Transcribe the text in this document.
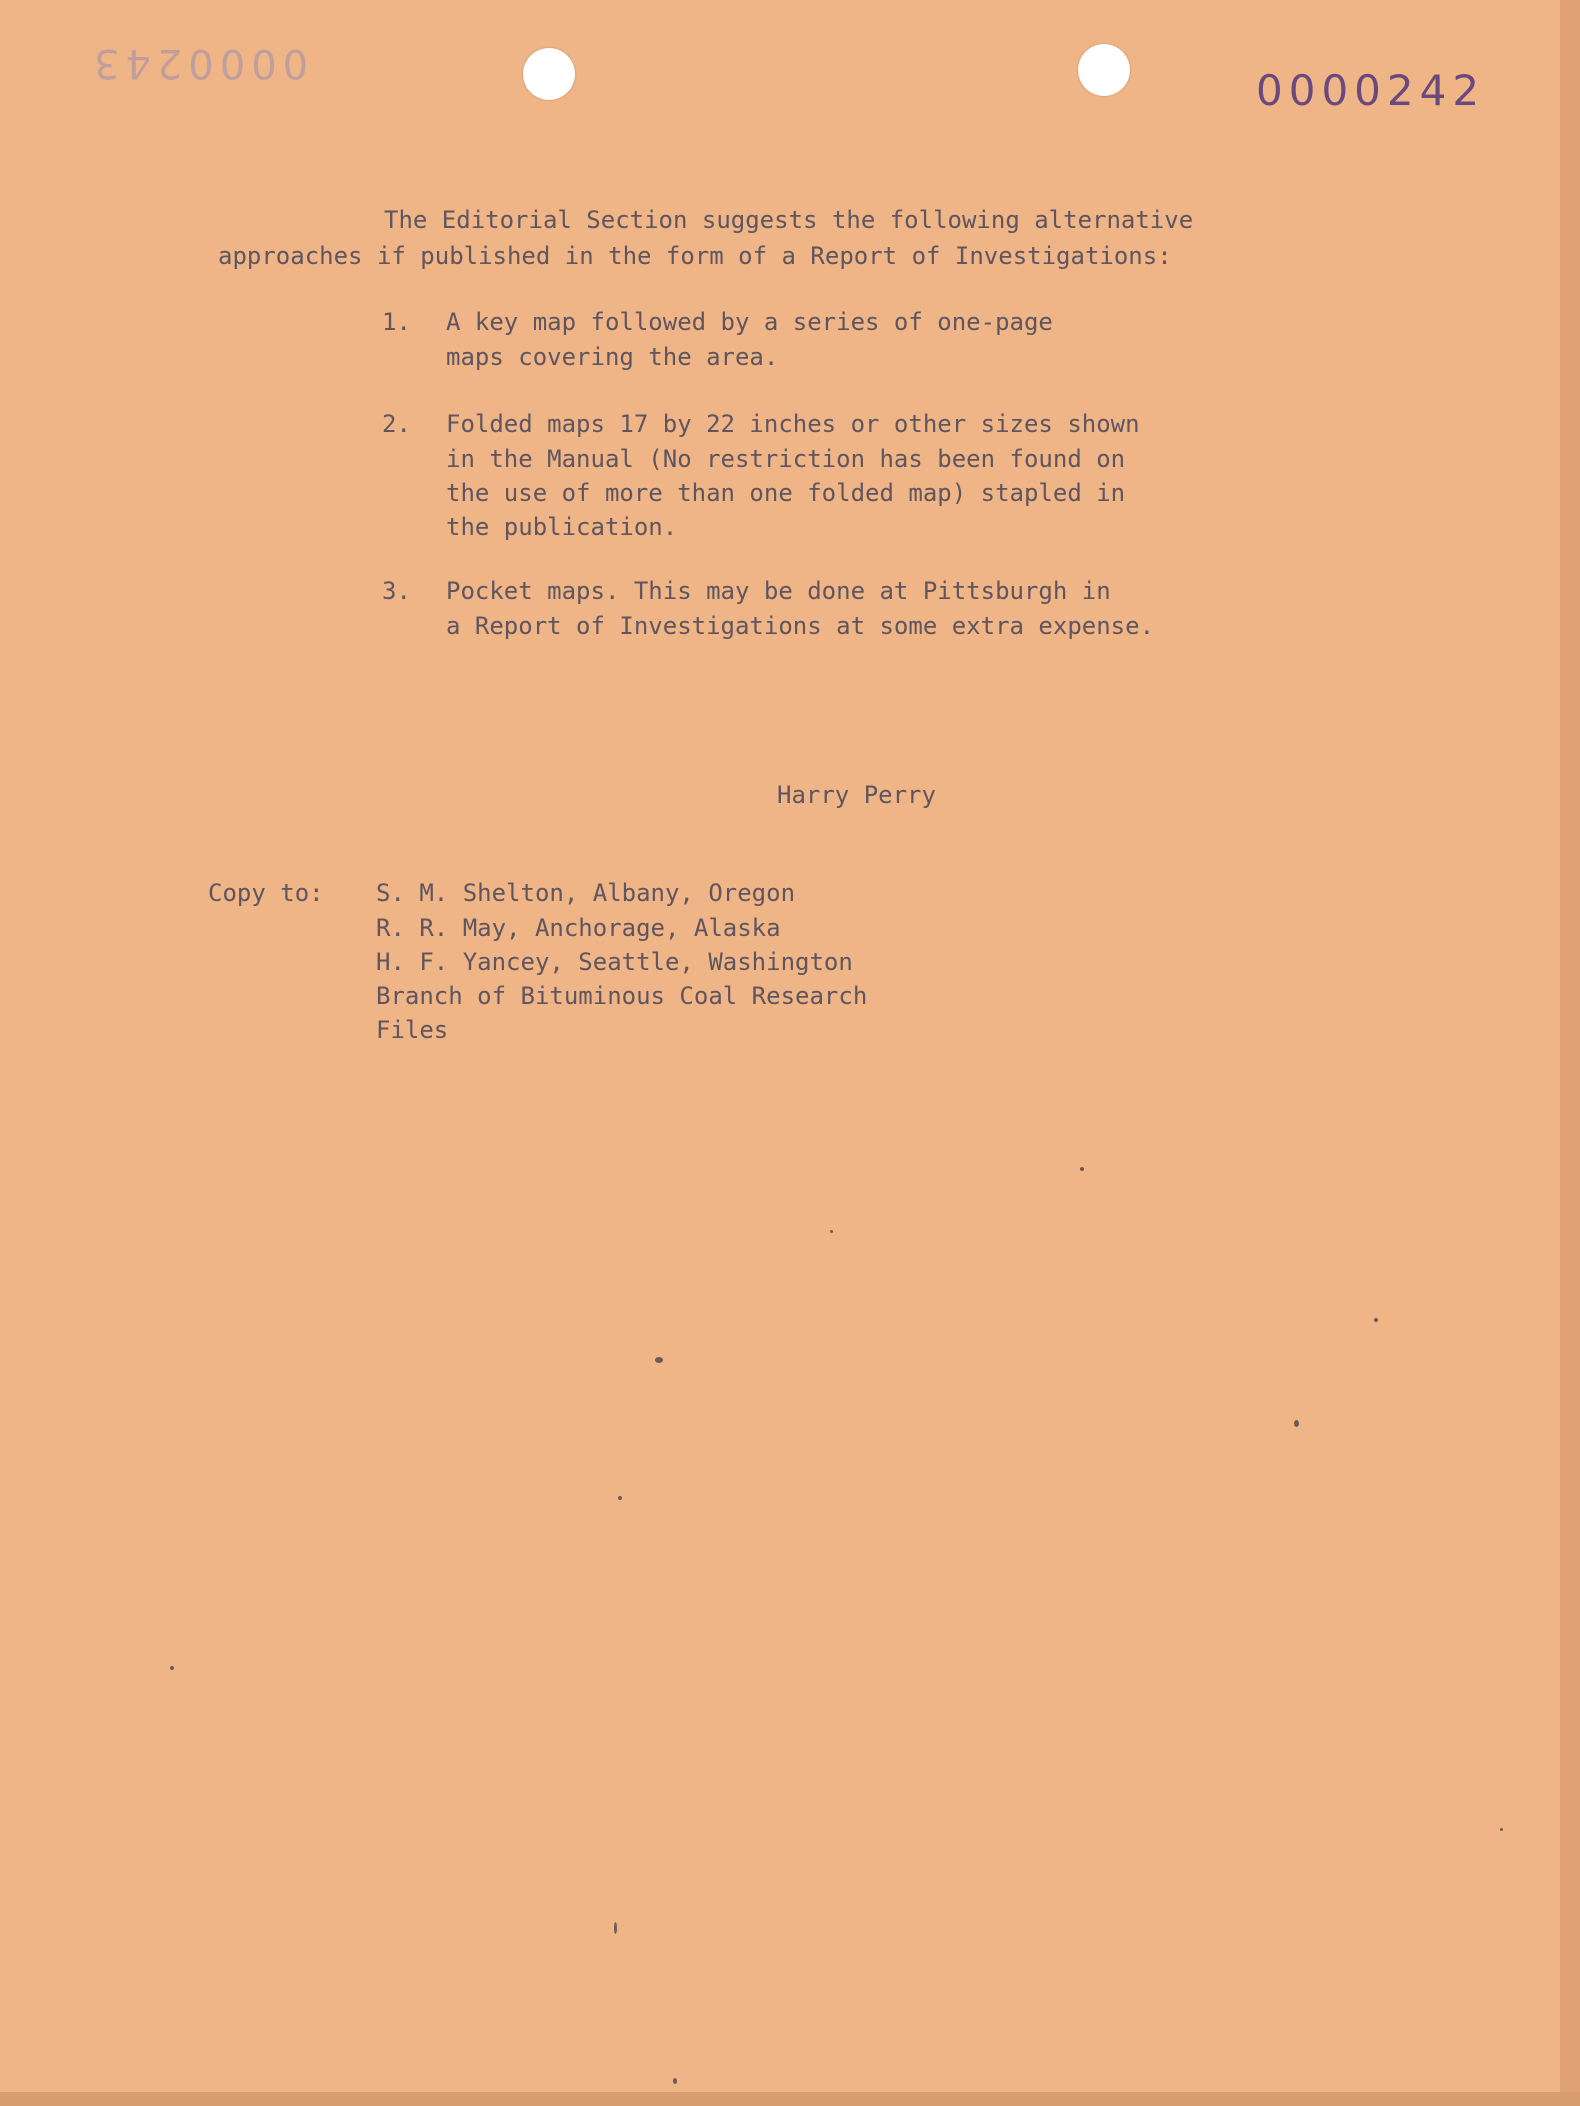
0000243
0000242
The Editorial Section suggests the following alternative
approaches if published in the form of a Report of Investigations:
1. A key map followed by a series of one-page
maps covering the area.
2. Folded maps 17 by 22 inches or other sizes shown
in the Manual (No restriction has been found on
the use of more than one folded map) stapled in
the publication.
3. Pocket maps. This may be done at Pittsburgh in
a Report of Investigations at some extra expense.
Harry Perry
Copy to: S. M. Shelton, Albany, Oregon
R. R. May, Anchorage, Alaska
H. F. Yancey, Seattle, Washington
Branch of Bituminous Coal Research
Files
